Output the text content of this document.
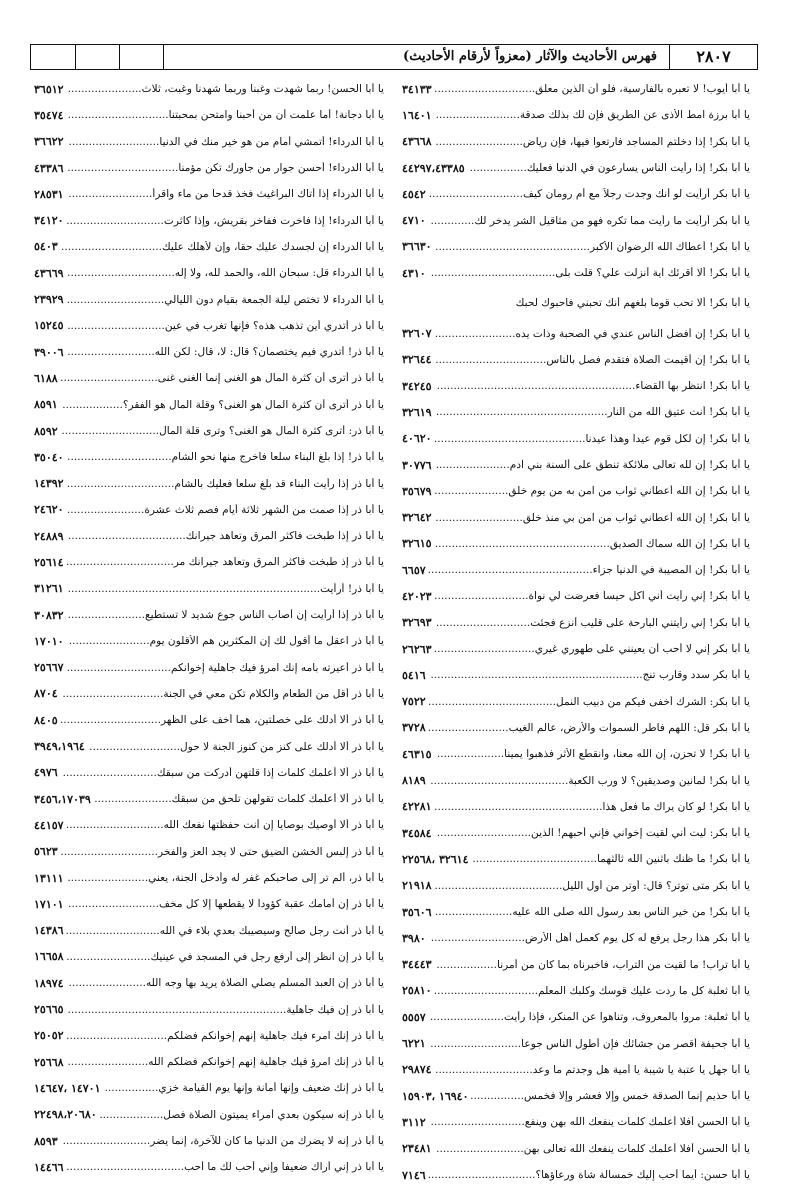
٢٨٠٧
فهرس الأحاديث والآثار (معزواً لأرقام الأحاديث)
يا أبا أيوب! لا تعبره بالفارسية، فلو أن الذين معلق..............................
٣٤١٣٣
يا أبا برزة امط الأذى عن الطريق فإن لك بذلك صدقة.........................
١٦٤٠١
يا أبا بكر! إذا دخلتم المساجد فارتعوا فيها، فإن رياض..........................
٤٣٦٦٨
يا أبا بكر! إذا رأيت الناس يسارعون في الدنيا فعليك.................
٤٤٢٩٧،٤٣٣٨٥
يا أبا بكر أرأيت لو أنك وجدت رجلاً مع أم رومان كيف............................
٤٥٤٢
يا أبا بكر أرأيت ما رأيت مما تكره فهو من مثاقيل الشر يدخر لك.............
٤٧١٠
يا أبا بكر! أعطاك الله الرضوان الأكبر..............................................
٣٦٦٣٠
يا أبا بكر! ألا أقرئك آية أنزلت علي؟ قلت بلى.....................................
٤٣١٠
يا أبا بكر! ألا تحب قوماً بلغهم أنك تحبني فأحبوك لحبك
يا أبا بكر! إن أفضل الناس عندي في الصحبة وذات يده........................
٣٢٦٠٧
يا أبا بكر! إن أقيمت الصلاة فتقدم فصل بالناس.................................
٣٢٦٤٤
يا أبا بكر! انتظر بها القضاء...........................................................
٣٤٢٤٥
يا أبا بكر! أنت عتيق الله من النار...................................................
٣٢٦١٩
يا أبا بكر! إن لكل قوم عيداً وهذا عيدنا.............................................
٤٠٦٢٠
يا أبا بكر! إن لله تعالى ملائكة تنطق على ألسنة بني آدم......................
٣٠٧٧٦
يا أبا بكر! إن الله أعطاني ثواب من آمن به من يوم خلق......................
٣٥٦٧٩
يا أبا بكر! إن الله أعطاني ثواب من آمن بي منذ خلق..........................
٣٢٦٤٢
يا أبا بكر! إن الله سماك الصديق....................................................
٣٢٦١٥
يا أبا بكر! إن المصيبة في الدنيا جزاء.................................................
٦٦٥٧
يا أبا بكر! إني رأيت أني آكل حيساً فعرضت لي نواة............................
٤٢٠٢٣
يا أبا بكر! إني رأيتني البارحة على قليب أنزع فجئت............................
٣٢٦٩٣
يا أبا بكر إني لا أحب أن يعينني على طهوري غيري..............................
٢٦٢٦٣
يا أبا بكر سدد وقارب تنج...............................................................
٥٤١٦
يا أبا بكر: الشرك أخفى فيكم من دبيب النمل......................................
٧٥٢٢
يا أبا بكر قل: اللهم فاطر السموات والأرض، عالم الغيب........................
٣٧٢٨
يا أبا بكر! لا تحزن، إن الله معنا، وانقطع الأثر فذهبوا يميناً....................
٤٦٣١٥
يا أبا بكر! لمانين وصديقين؟ لا ورب الكعبة.........................................
٨١٨٩
يا أبا بكر! لو كان يراك ما فعل هذا..................................................
٤٢٢٨١
يا أبا بكر: ليت أني لقيت إخواني فإني أحبهم! الذين............................
٣٤٥٨٤
يا أبا بكر! ما ظنك باثنين الله ثالثهما.....................................
٣٢٦١٤ ،٢٢٥٦٨
يا أبا بكر متى توتر؟ قال: أوتر من أول الليل......................................
٢١٩١٨
يا أبا بكر! من خير الناس بعد رسول الله صلى الله عليه.......................
٣٥٦٠٦
يا أبا بكر هذا رجل يرفع له كل يوم كعمل أهل الأرض............................
٣٩٨٠
يا أبا تراب! ما لقيت من التراب، فأخبرناه بما كان من أمرنا..................
٣٤٤٤٣
يا أبا ثعلبة كل ما ردت عليك قوسك وكلبك المعلم...............................
٢٥٨١٠
يا أبا ثعلبة: مروا بالمعروف، وتناهوا عن المنكر، فإذا رأيت......................
٥٥٥٧
يا أبا جحيفة أقصر من جشائك فإن أطول الناس جوعاً...........................
٦٢٢١
يا أبا جهل يا عتبة يا شيبة يا أمية هل وجدتم ما وعد.............................
٢٩٨٧٤
يا أبا حذيم إنما الصدقة خمس وإلا فعشر وإلا فخمس................
١٦٩٤٠ ،١٥٩٠٣
يا أبا الحسن أفلا أعلمك كلمات ينفعك الله بهن وينفع............................
٣١١٢
يا أبا الحسن أفلا أعلمك كلمات ينفعك الله تعالى بهن..........................
٢٣٤٨١
يا أبا حسن: أيما أحب إليك خمسالة شاة ورعاؤها؟................................
٧١٤٦
يا أبا الحسن! ربما شهدت وغبنا وربما شهدنا وغبت، ثلاث......................
٣٦٥١٢
يا أبا دجانة! أما علمت أن من أحبنا وامتحن بمحبتنا..............................
٣٥٤٧٤
يا أبا الدرداء! أتمشي أمام من هو خير منك في الدنيا...........................
٣٦٦٢٢
يا أبا الدرداء! أحسن جوار من جاورك تكن مؤمناً.................................
٤٣٣٨٦
يا أبا الدرداء إذا أتاك البراغيث فخذ قدحاً من ماء واقرأ.........................
٢٨٥٣١
يا أبا الدرداء! إذا فاخرت ففاخر بقريش، وإذا كاثرت.............................
٣٤١٢٠
يا أبا الدرداء إن لجسدك عليك حقاً، وإن لأهلك عليك..............................
٥٤٠٣
يا أبا الدرداء قل: سبحان الله، والحمد لله، ولا إله................................
٤٣٦٦٩
يا أبا الدرداء لا تختص ليلة الجمعة بقيام دون الليالي.............................
٢٣٩٢٩
يا أبا ذر أتدري أين تذهب هذه؟ فإنها تغرب في عين.............................
١٥٢٤٥
يا أبا ذر! أتدري فيم يختصمان؟ قال: لا، قال: لكن الله..........................
٣٩٠٠٦
يا أبا ذر أترى أن كثرة المال هو الغنى إنما الغنى غنى.............................
٦١٨٨
يا أبا ذر أترى أن كثرة المال هو الغنى؟ وقلة المال هو الفقر؟..................
٨٥٩١
يا أبا ذر: أترى كثرة المال هو الغنى؟ وترى قلة المال.............................
٨٥٩٢
يا أبا ذر! إذا بلغ البناء سلعاً فاخرج منها نحو الشام...............................
٣٥٠٤٠
يا أبا ذر إذا رأيت البناء قد بلغ سلعاً فعليك بالشام................................
١٤٣٩٢
يا أبا ذر إذا صمت من الشهر ثلاثة أيام فصم ثلاث عشرة.......................
٢٤٦٢٠
يا أبا ذر إذا طبخت فأكثر المرق وتعاهد جيرانك...................................
٢٤٨٨٩
يا أبا ذر إذ طبخت فأكثر المرق وتعاهد جيرانك مر................................
٢٥٦١٤
يا أبا ذر! أرأيت...........................................................................
٣١٢٦١
يا أبا ذر إذا أرأيت إن أصاب الناس جوع شديد لا تستطيع.......................
٣٠٨٣٢
يا أبا ذر اعقل ما أقول لك إن المكثرين هم الأقلون يوم........................
١٧٠١٠
يا أبا ذر أعيرته بأمه إنك امرؤ فيك جاهلية إخوانكم...............................
٢٥٦٦٧
يا أبا ذر أقل من الطعام والكلام تكن معي في الجنة..............................
٨٧٠٤
يا أبا ذر ألا أدلك على خصلتين، هما أخف على الظهر..............................
٨٤٠٥
يا أبا ذر ألا أدلك على كنز من كنوز الجنة لا حول...........................
٣٩٤٩،١٩٦٤
يا أبا ذر ألا أعلمك كلمات إذا قلتهن أدركت من سبقك............................
٤٩٧٦
يا أبا ذر ألا أعلمك كلمات تقولهن تلحق من سبقك.......................
٣٤٥٦،١٧٠٣٩
يا أبا ذر ألا أوصيك بوصايا إن أنت حفظتها نفعك الله.............................
٤٤١٥٧
يا أبا ذر إلبس الخشن الضيق حتى لا يجد العز والفخر.............................
٥٦٢٣
يا أبا ذر، ألم تر إلى صاحبكم غفر له وأدخل الجنة، يعني........................
١٣١١١
يا أبا ذر إن أمامك عقبة كؤوداً لا يقطعها إلا كل مخف...........................
١٧١٠١
يا أبا ذر أنت رجل صالح وسيصيبك بعدي بلاء في الله............................
١٤٣٨٦
يا أبا ذر إن انظر إلى أرفع رجل في المسجد في عينيك.........................
١٦٦٥٨
يا أبا ذر إن العبد المسلم يصلي الصلاة يريد بها وجه الله.......................
١٨٩٧٤
يا أبا ذر إن فيك جاهلية.................................................................
٢٥٦٦٥
يا أبا ذر إنك امرء فيك جاهلية إنهم إخوانكم فضلكم..............................
٢٥٠٥٢
يا أبا ذر إنك امرؤ فيك جاهلية إنهم إخوانكم فضلكم الله........................
٢٥٦٦٨
يا أبا ذر إنك ضعيف وإنها أمانة وإنها يوم القيامة خزي................
١٤٧٠١ ،١٤٦٤٧
يا أبا ذر إنه سيكون بعدي أمراء يميتون الصلاة فصل...................
٢٢٤٩٨،٢٠٦٨٠
يا أبا ذر إنه لا يضرك من الدنيا ما كان للآخرة، إنما يضر..........................
٨٥٩٣
يا أبا ذر إني أراك ضعيفاً وإني أحب لك ما أحب...................................
١٤٤٦٦
